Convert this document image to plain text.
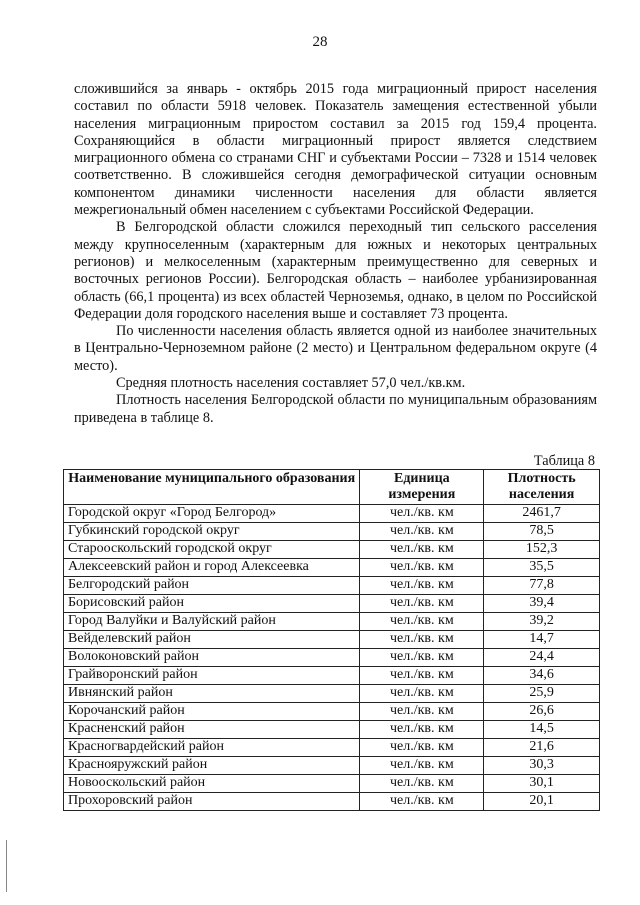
28

сложившийся за январь - октябрь 2015 года миграционный прирост населения составил по области 5918 человек. Показатель замещения естественной убыли населения миграционным приростом составил за 2015 год 159,4 процента. Сохраняющийся в области миграционный прирост является следствием миграционного обмена со странами СНГ и субъектами России – 7328 и 1514 человек соответственно. В сложившейся сегодня демографической ситуации основным компонентом динамики численности населения для области является межрегиональный обмен населением с субъектами Российской Федерации.

В Белгородской области сложился переходный тип сельского расселения между крупноселенным (характерным для южных и некоторых центральных регионов) и мелкоселенным (характерным преимущественно для северных и восточных регионов России). Белгородская область – наиболее урбанизированная область (66,1 процента) из всех областей Черноземья, однако, в целом по Российской Федерации доля городского населения выше и составляет 73 процента.

По численности населения область является одной из наиболее значительных в Центрально-Черноземном районе (2 место) и Центральном федеральном округе (4 место).

Средняя плотность населения составляет 57,0 чел./кв.км.

Плотность населения Белгородской области по муниципальным образованиям приведена в таблице 8.

Таблица 8
Наименование муниципального образования	Единица измерения	Плотность населения
Городской округ «Город Белгород»	чел./кв. км	2461,7
Губкинский городской округ	чел./кв. км	78,5
Старооскольский городской округ	чел./кв. км	152,3
Алексеевский район и город Алексеевка	чел./кв. км	35,5
Белгородский район	чел./кв. км	77,8
Борисовский район	чел./кв. км	39,4
Город Валуйки и Валуйский район	чел./кв. км	39,2
Вейделевский район	чел./кв. км	14,7
Волоконовский район	чел./кв. км	24,4
Грайворонский район	чел./кв. км	34,6
Ивнянский район	чел./кв. км	25,9
Корочанский район	чел./кв. км	26,6
Красненский район	чел./кв. км	14,5
Красногвардейский район	чел./кв. км	21,6
Краснояружский район	чел./кв. км	30,3
Новооскольский район	чел./кв. км	30,1
Прохоровский район	чел./кв. км	20,1
